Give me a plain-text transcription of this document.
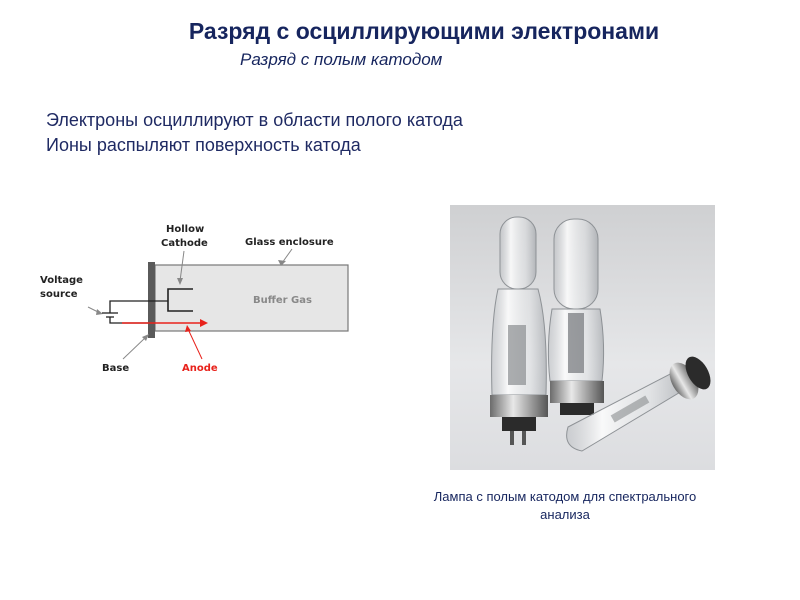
Разряд с осциллирующими электронами
Разряд с полым катодом
Электроны осциллируют в области полого катода
Ионы распыляют поверхность катода
Hollow
Cathode	Glass enclosure
Voltage
source
Buffer Gas
Base	Anode
Лампа с полым катодом для спектрального
анализа
